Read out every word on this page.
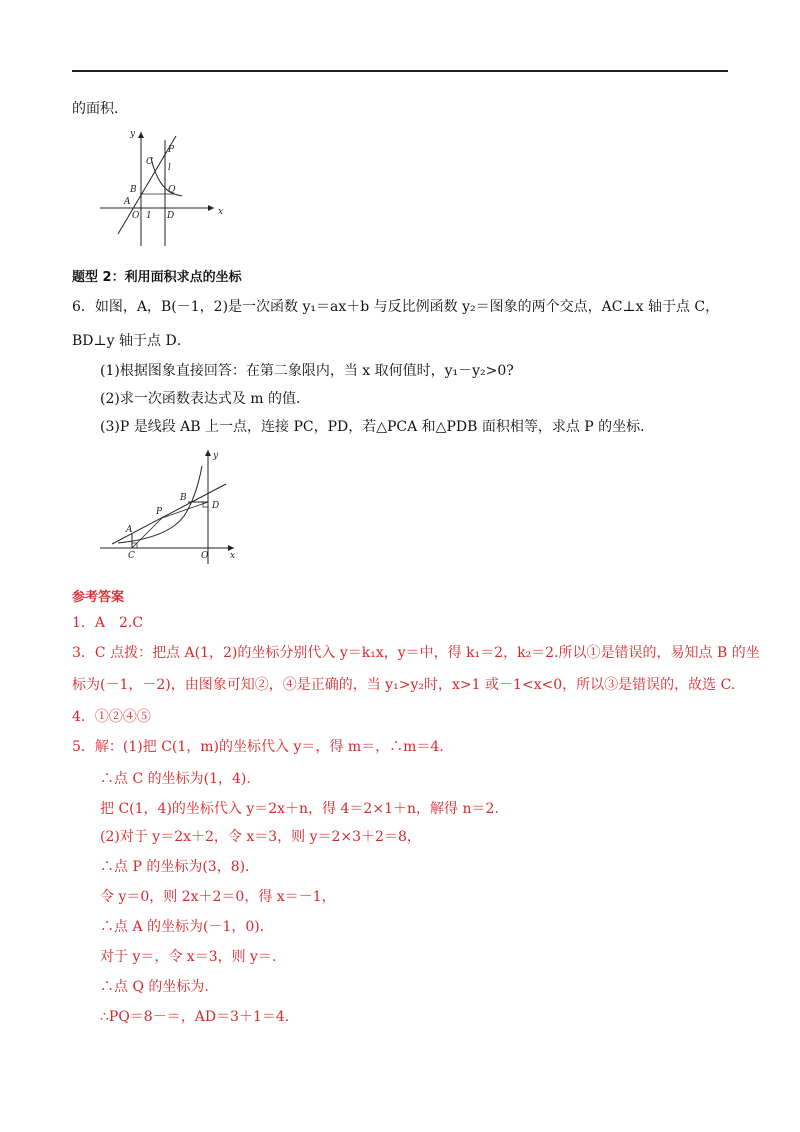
的面积．
y
x
P
C
l
B	Q
A
O 1 D
题型 2：利用面积求点的坐标
6．如图，A，B(－1，2)是一次函数 y₁＝ax＋b 与反比例函数 y₂＝图象的两个交点，AC⊥x 轴于点 C，
BD⊥y 轴于点 D．
(1)根据图象直接回答：在第二象限内，当 x 取何值时，y₁－y₂>0?
(2)求一次函数表达式及 m 的值．
(3)P 是线段 AB 上一点，连接 PC，PD，若△PCA 和△PDB 面积相等，求点 P 的坐标．
y
B
D
P
A
C	O x
参考答案
1．A　2.C
3．C 点拨：把点 A(1，2)的坐标分别代入 y＝k₁x，y＝中，得 k₁＝2，k₂＝2.所以①是错误的，易知点 B 的坐
标为(－1，－2)，由图象可知②，④是正确的，当 y₁>y₂时，x>1 或－1<x<0，所以③是错误的，故选 C.
4．①②④⑤
5．解：(1)把 C(1，m)的坐标代入 y＝，得 m＝，∴m＝4.
∴点 C 的坐标为(1，4)．
把 C(1，4)的坐标代入 y＝2x＋n，得 4＝2×1＋n，解得 n＝2.
(2)对于 y＝2x＋2，令 x＝3，则 y＝2×3＋2＝8，
∴点 P 的坐标为(3，8)．
令 y＝0，则 2x＋2＝0，得 x＝－1，
∴点 A 的坐标为(－1，0)．
对于 y＝，令 x＝3，则 y＝.
∴点 Q 的坐标为.
∴PQ＝8－＝，AD＝3＋1＝4.
